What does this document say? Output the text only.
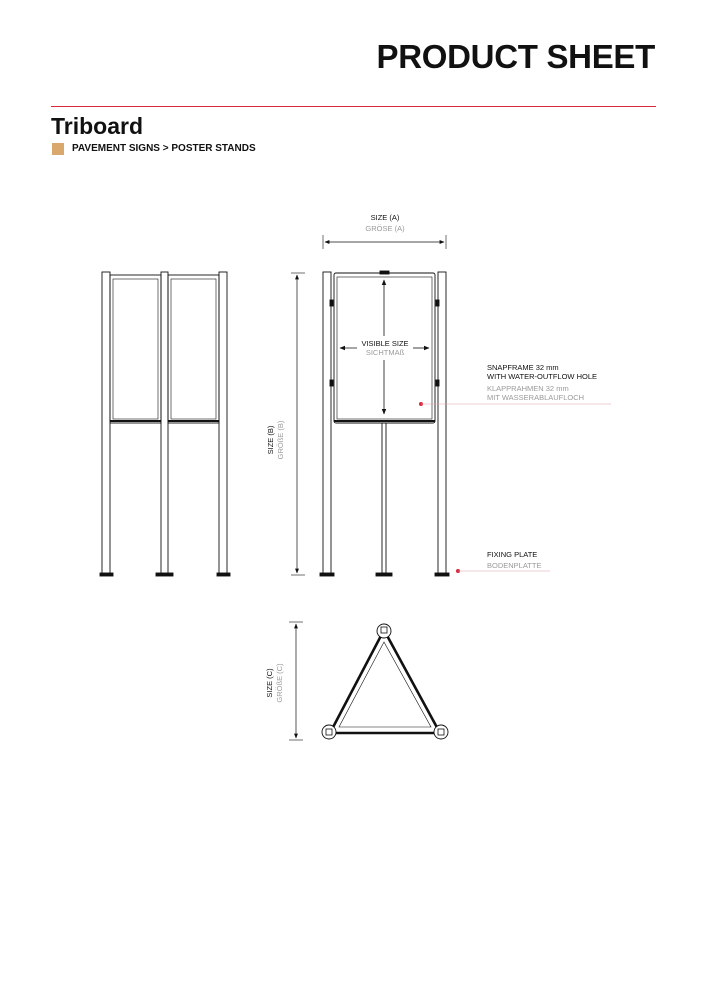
PRODUCT SHEET
Triboard
PAVEMENT SIGNS > POSTER STANDS
SIZE (B) GRÖßE (B)
VISIBLE SIZE
SICHTMAß
SIZE (A)
GRÖSE (A)
SNAPFRAME 32 mm
WITH WATER-OUTFLOW HOLE
KLAPPRAHMEN 32 mm
MIT WASSERABLAUFLOCH
FIXING PLATE
BODENPLATTE
SIZE (C) GRÖßE (C)
